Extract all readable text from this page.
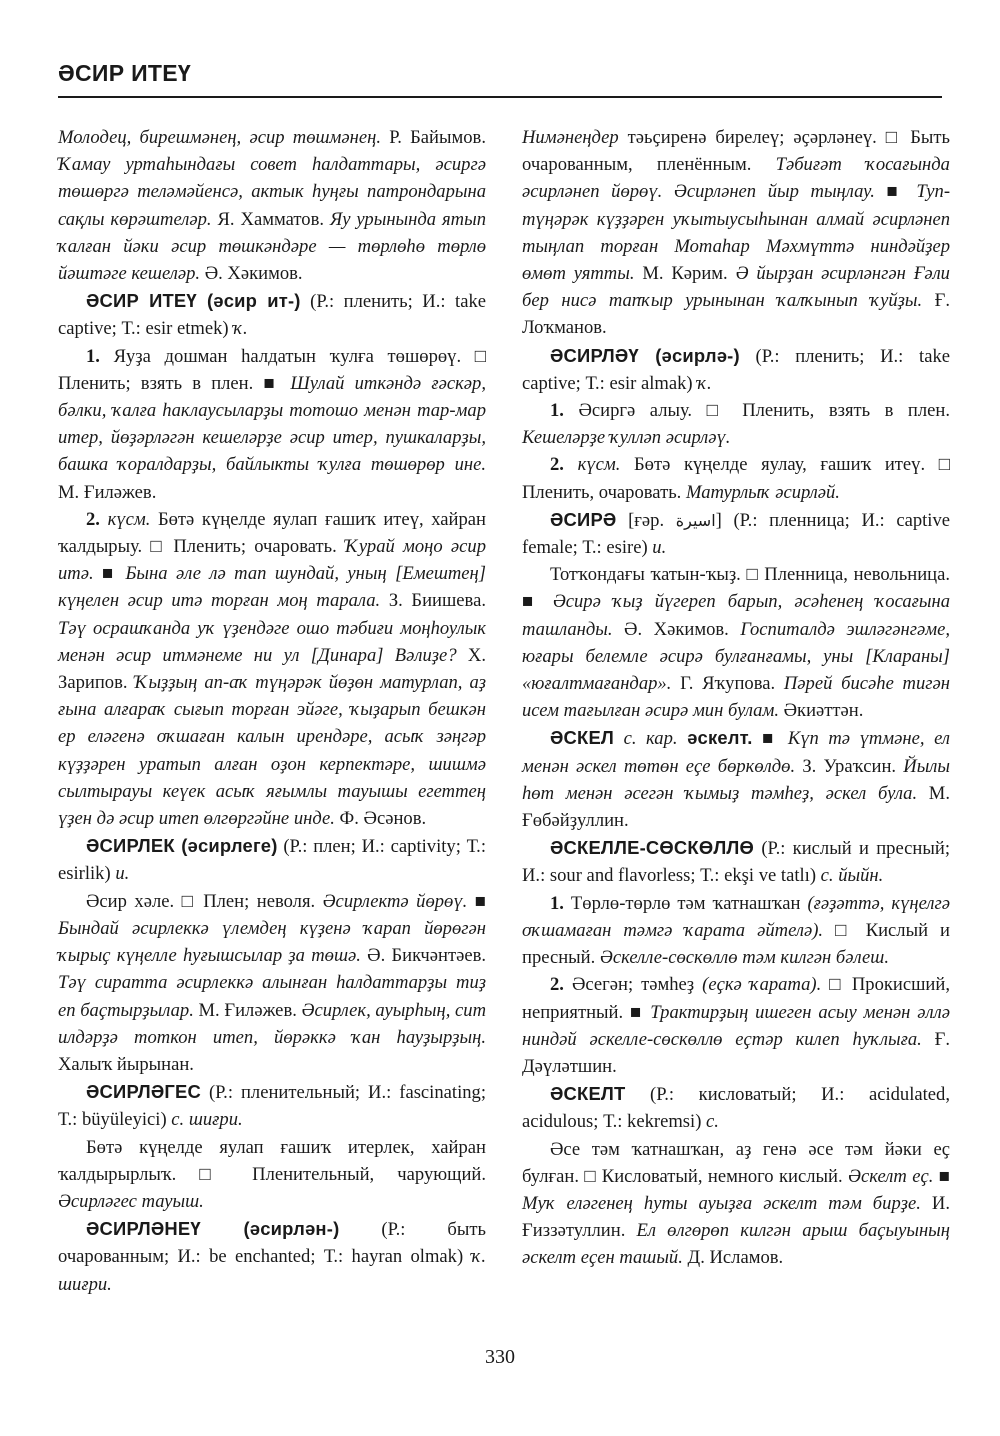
ƏСИР ИТЕҮ

Молодец, бирешмәнең, әсир төшмәнең. Р. Байымов. Ҡамау уртаһындағы совет һалдаттары, әсиргә төшөргә теләмәйенсә, актык һуңғы патрондарына сақлы көрәштеләр. Я. Хамматов. Яу урынында ятып ҡалған йәки әсир төшкәндәре — төрлөһө төрлө йәштәге кешеләр. Ә. Хәкимов.

ƏСИР ИТЕҮ (әсир ит-) (Р.: пленить; И.: take captive; Т.: esir etmek) ҡ.

1. Яуҙа дошман һалдатын ҡулға төшөрөү. □ Пленить; взять в плен. ■ Шулай иткәндә ғәскәр, бәлки, ҡалға һаклаусыларҙы тотошо менән тар-мар итер, йөҙәрләгән кешеләрҙе әсир итер, пушкаларҙы, башка ҡоралдарҙы, байлыкты ҡулға төшөрөр ине. М. Ғиләжев.

2. күсм. Бөтә күңелде яулап ғашиҡ итеү, хайран ҡалдырыу. □ Пленить; очаровать. Ҡурай моңо әсир итә. ■ Бына әле лә тап шундай, уның [Емештең] күңелен әсир итә торған моң тарала. З. Биишева. Тәү осрашҡанда уҡ үҙендәге ошо тәбиғи моңһоулык менән әсир итмәнеме ни ул [Динара] Вәлиҙе? Х. Зарипов. Ҡыҙҙың ап-аҡ түңәрәк йөҙөн матурлап, аҙ ғына алғараҡ сығып торған эйәге, ҡыҙарып бешкән ер еләгенә оҡшаған калын ирендәре, асыҡ зәңгәр күҙҙәрен уратып алған оҙон керпектәре, шишмә сылтырауы кеүек асыҡ яғымлы тауышы егеттең үҙен дә әсир итеп өлгөргәйне инде. Ф. Әсәнов.

ƏСИРЛЕК (әсирлеге) (Р.: плен; И.: captivity; Т.: esirlik) и.

Әсир хәле. □ Плен; неволя. Әсирлектә йөрөү. ■ Бындай әсирлеккә үлемдең күҙенә ҡарап йөрөгән ҡырыҫ күңелле һуғышсылар ҙа төшә. Ә. Бикчәнтәев. Тәү сиратта әсирлеккә алынған һалдаттарҙы тиҙ еп баҫтырҙылар. М. Ғиләжев. Әсирлек, ауырһың, сит илдәрҙә тоткон итеп, йөрәккә ҡан һауҙырҙың. Халыҡ йырынан.

ƏСИРЛӘГЕС (Р.: пленительный; И.: fascinating; Т.: büyüleyici) с. шиғри.

Бөтә күңелде яулап ғашиҡ итерлек, хайран ҡалдырырлыҡ. □ Пленительный, чарующий. Әсирләгес тауыш.

ƏСИРЛӘНЕҮ (әсирлән-) (Р.: быть очарованным; И.: be enchanted; Т.: hayran olmak) ҡ. шиғри.

Нимәнеңдер тәьҫиренә бирелеү; әҫәрләнеү. □ Быть очарованным, пленённым. Тәбиғәт ҡосағында әсирләнеп йөрөү. Әсирләнеп йыр тыңлау. ■ Туп-түңәрәк күҙҙәрен уҡытыусыһынан алмай әсирләнеп тыңлап торған Мотаһар Мәхмүттә ниндәйҙер өмөт уятты. М. Кәрим. Ә йырҙан әсирләнгән Ғәли бер нисә тапҡыр урынынан ҡалҡынып ҡуйҙы. Ғ. Лоҡманов.

ƏСИРЛӘҮ (әсирлә-) (Р.: пленить; И.: take captive; Т.: esir almak) ҡ.

1. Әсиргә алыу. □ Пленить, взять в плен. Кешеләрҙе ҡулләп әсирләү.

2. күсм. Бөтә күңелде яулау, ғашиҡ итеү. □ Пленить, очаровать. Матурлыҡ әсирләй.

ƏСИРƏ [ғәр. اسيرة] (Р.: пленница; И.: captive female; Т.: esire) и.

Тотҡондағы ҡатын-ҡыҙ. □ Пленница, невольница. ■ Әсирә ҡыҙ йүгереп барып, әсәһенең ҡосағына ташланды. Ә. Хәкимов. Госпиталдә эшләгәнгәме, юғары белемле әсирә булғанғамы, уны [Клараны] «юғалтмағандар». Г. Яҡупова. Пәрей бисәһе тигән исем тағылған әсирә мин булам. Әкиәттән.

ƏСКЕЛ с. кар. әскелт. ■ Күп тә үтмәне, ел менән әскел төтөн еҫе бөркөлдө. З. Ураҡсин. Йылы һөт менән әсегән ҡымыҙ тәмһеҙ, әскел була. М. Ғөбәйҙуллин.

ƏСКЕЛЛЕ-СӨСКӨЛЛӨ (Р.: кислый и пресный; И.: sour and flavorless; Т.: ekşi ve tatlı) с. йыйн.

1. Төрлө-төрлө тәм ҡатнашҡан (ғәҙәттә, күңелгә оҡшамаған тәмгә ҡарата әйтелә). □ Кислый и пресный. Әскелле-сөскөллө тәм килгән бәлеш.

2. Әсегән; тәмһеҙ (еҫкә ҡарата). □ Прокисший, неприятный. ■ Трактирҙың ишеген асыу менән әллә ниндәй әскелле-сөскөллө еҫтәр килеп һуҡлыға. Ғ. Дәүләтшин.

ƏСКЕЛТ (Р.: кисловатый; И.: acidulated, acidulous; Т.: kekremsi) с.

Әсе тәм ҡатнашҡан, аҙ генә әсе тәм йәки еҫ булған. □ Кисловатый, немного кислый. Әскелт еҫ. ■ Муҡ еләгенең һуты ауыҙға әскелт тәм бирҙе. И. Ғиззәтуллин. Ел өлгөрөп килгән арыш баҫыуының әскелт еҫен ташый. Д. Исламов.

330
